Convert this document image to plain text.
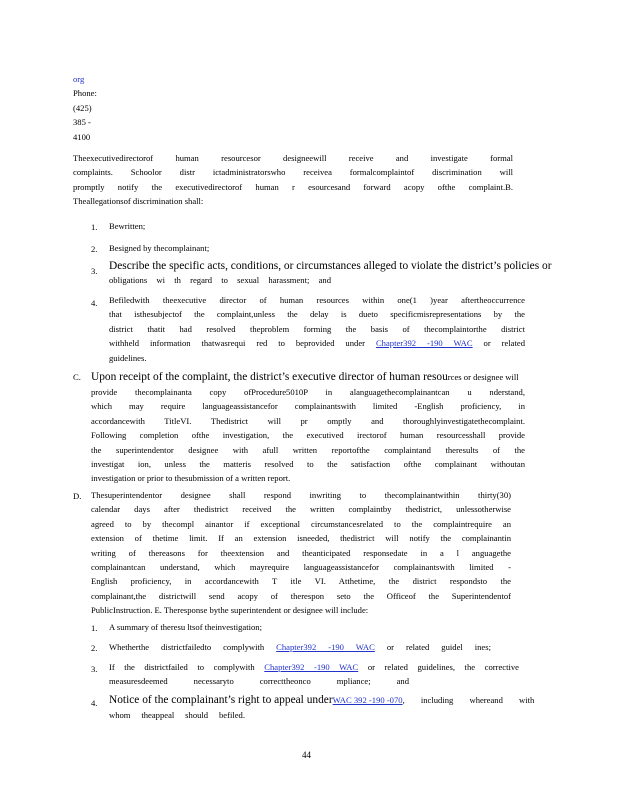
org
Phone:
(425)
385 -
4100
Theexecutivedirectorof human resourcesor designeewill receive and investigate formal
complaints. Schoolor distr ictadministratorswho receivea formalcomplaintof discrimination will
promptly notify the executivedirectorof human r esourcesand forward acopy ofthe complaint.B.
Theallegationsof discrimination shall:
1. Bewritten;
2. Besigned by thecomplainant;
3. Describe the specific acts, conditions, or circumstances alleged to violate the district’s policies or
obligations wi th regard to sexual harassment; and
4. Befiledwith theexecutive director of human resources within one(1 )year aftertheoccurrence
that isthesubjectof the complaint,unless the delay is dueto specificmisrepresentations by the
district thatit had resolved theproblem forming the basis of thecomplaintorthe district
withheld information thatwasrequi red to beprovided under Chapter392 -190 WAC or related
guidelines.
C. Upon receipt of the complaint, the district’s executive director of human resources or designee will
provide thecomplainanta copy ofProcedure5010P in alanguagethecomplainantcan u nderstand,
which may require languageassistancefor complainantswith limited -English proficiency, in
accordancewith TitleVI. Thedistrict will pr omptly and thoroughlyinvestigatethecomplaint.
Following completion ofthe investigation, the executived irectorof human resourcesshall provide
the superintendentor designee with afull written reportofthe complaintand theresults of the
investigat ion, unless the matteris resolved to the satisfaction ofthe complainant withoutan
investigation or prior to thesubmission of a written report.
D. Thesuperintendentor designee shall respond inwriting to thecomplainantwithin thirty(30)
calendar days after thedistrict received the written complaintby thedistrict, unlessotherwise
agreed to by thecompl ainantor if exceptional circumstancesrelated to the complaintrequire an
extension of thetime limit. If an extension isneeded, thedistrict will notify the complainantin
writing of thereasons for theextension and theanticipated responsedate in a l anguagethe
complainantcan understand, which mayrequire languageassistancefor complainantswith limited -
English proficiency, in accordancewith T itle VI. Atthetime, the district respondsto the
complainant,the districtwill send acopy of therespon seto the Officeof the Superintendentof
PublicInstruction. E. Theresponse bythe superintendent or designee will include:
1. A summary of theresu ltsof theinvestigation;
2. Whetherthe districtfailedto complywith Chapter392 -190 WAC or related guidel ines;
3. If the districtfailed to complywith Chapter392 -190 WAC or related guidelines, the corrective
measuresdeemed necessaryto correcttheonco mpliance; and
4. Notice of the complainant’s right to appeal underWAC 392 -190 -070, including whereand with
whom theappeal should befiled.
44
